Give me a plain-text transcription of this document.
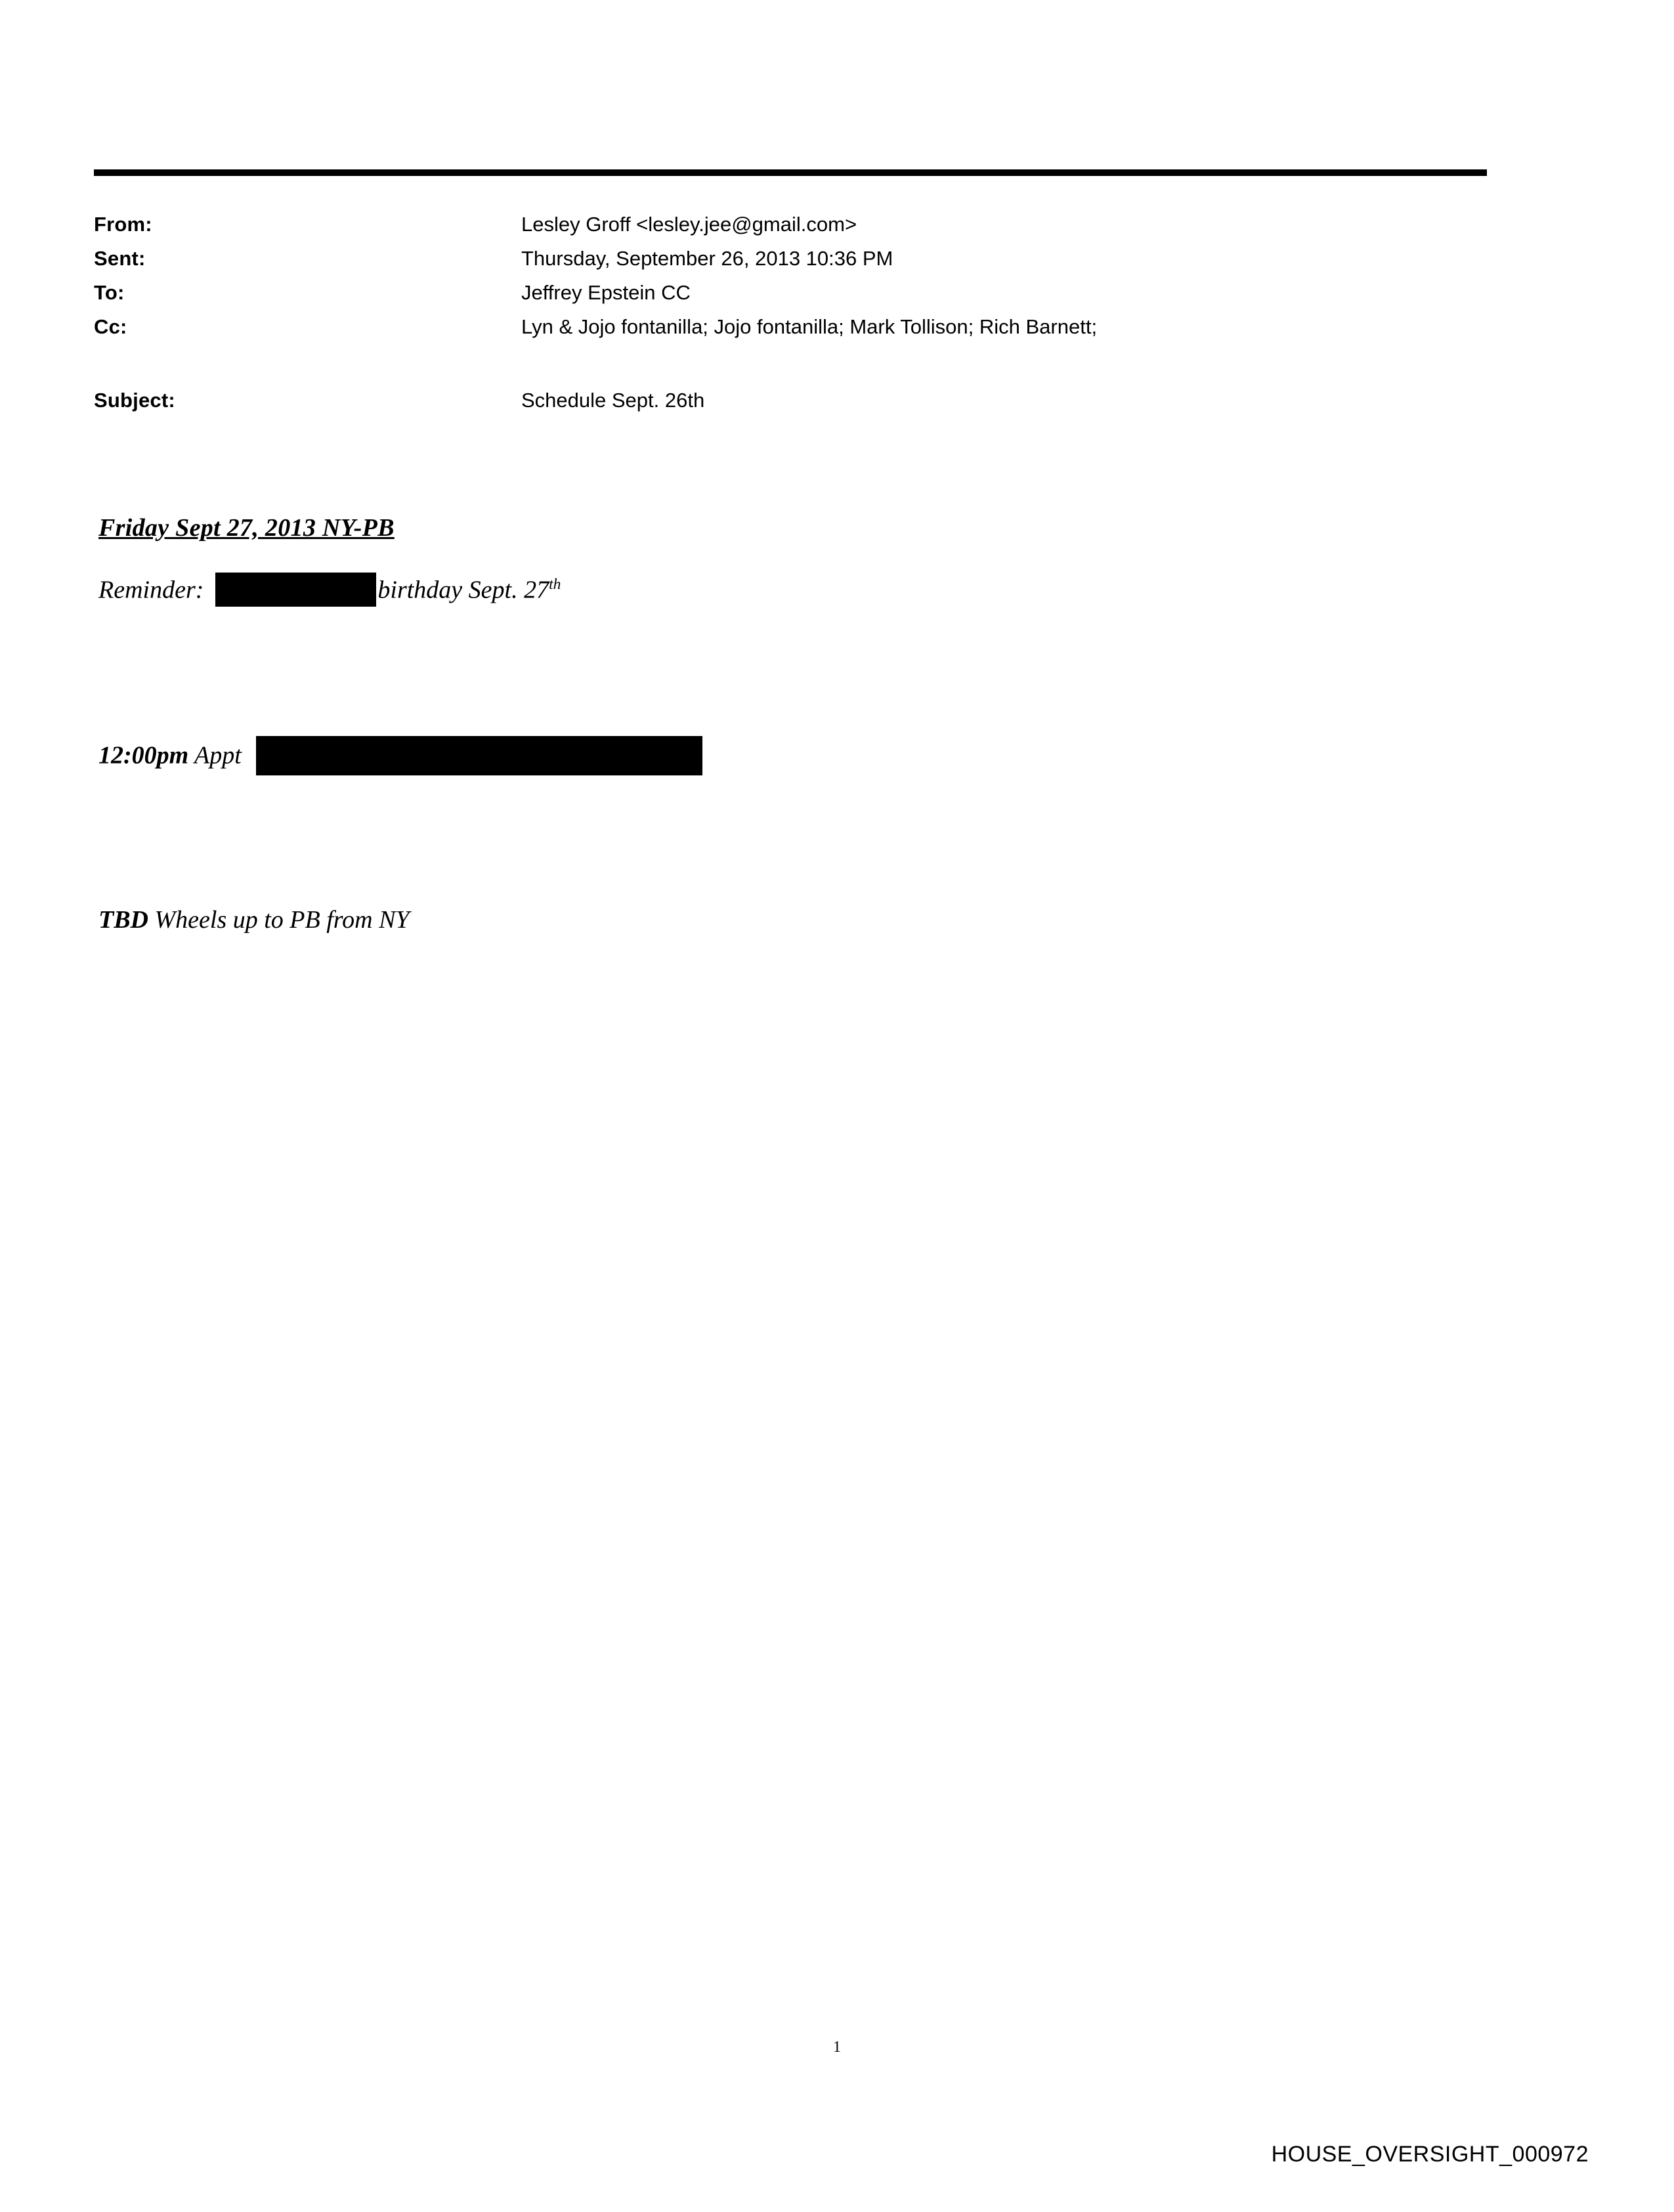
From:	Lesley Groff <lesley.jee@gmail.com>
Sent:	Thursday, September 26, 2013 10:36 PM
To:	Jeffrey Epstein CC
Cc:	Lyn & Jojo fontanilla; Jojo fontanilla; Mark Tollison; Rich Barnett;
Subject:	Schedule Sept. 26th
Friday Sept 27, 2013 NY-PB
Reminder:	birthday Sept. 27th
12:00pm Appt
TBD Wheels up to PB from NY
1
HOUSE_OVERSIGHT_000972
